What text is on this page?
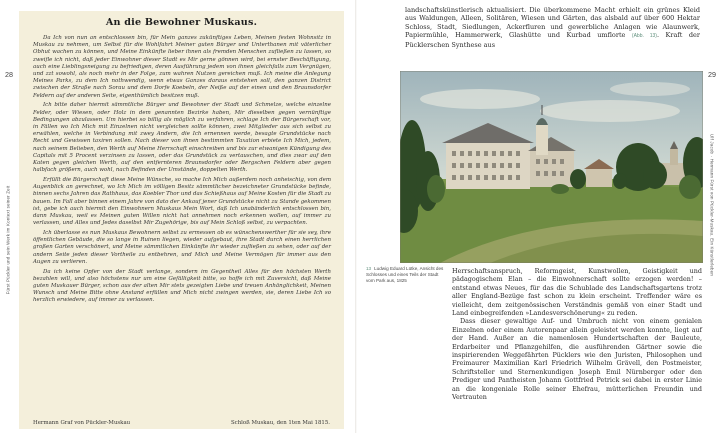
28
Fürst Pückler und sein Werk im Kontext seiner Zeit
An die Bewohner Muskaus.

Da Ich von nun an entschlossen bin, für Mein ganzes zukünftiges Leben, Meinen festen Wohnsitz in Muskau zu nehmen, um Selbst für die Wohlfahrt Meiner guten Bürger und Unterthanen mit väterlicher Obhut wachen zu können, und Meine Einkünfte lieber ihnen als fremden Menschen zufließen zu lassen, so zweifle ich nicht, daß jeder Einwohner dieser Stadt es Mir gerne gönnen wird, bei ernster Beschäftigung, auch eine Lieblingsneigung zu befriedigen, deren Ausführung jedem von ihnen gleichfalls zum Vergnügen, und zzt sowohl, als noch mehr in der Folge, zum wahren Nutzen gereichen muß. Ich meine die Anlegung Meines Parks, zu dem Ich nothwendig, wenn etwas Ganzes daraus entstehen soll, den ganzen District zwischen der Straße nach Sorau und dem Dorfe Koebeln, der Neiße auf der einen und den Braunsdorfer Feldern auf der anderen Seite, eigenthümlich besitzen muß.

Ich bitte daher hiermit sämmtliche Bürger und Bewohner der Stadt und Schmelze, welche einzelne Felder, oder Wiesen, oder Holz in dem genannten Bezirke haben, Mir dieselben gegen vernünftige Bedingungen abzulassen. Um hierbei so billig als möglich zu verfahren, schlage Ich der Bürgerschaft vor, in Fällen wo Ich Mich mit Einzelnen nicht vergleichen sollte können, zwei Mitglieder aus sich selbst zu erwählen, welche in Verbindung mit zwey Andern, die Ich ernennen werde, besagte Grundstücke nach Recht und Gewissen taxiren sollen. Nach dieser von ihnen bestimmten Taxation erbiete Ich Mich, jedem, nach seinem Belieben, den Werth auf Meine Herrschaft einschreiben und bis zur etwanigen Kündigung des Capitals mit 5 Procent verzinsen zu lassen, oder das Grundstück zu vertauschen, und dies zwar auf den Katen gegen gleichen Werth, auf den entfernteren Braunsdorfer oder Bergschen Feldern aber gegen halbfach größern, auch wohl, nach Befinden der Umstände, doppelten Werth.

Erfüllt die Bürgerschaft diese Meine Wünsche, so mache Ich Mich außerdem noch anheischig, von dem Augenblick an gerechnet, wo Ich Mich im völligen Besitz sämmtlicher bezeichneter Grundstücke befinde, binnen sechs Jahren das Rathhaus, das Koebler Thor und das Schießhaus auf Meine Kosten für die Stadt zu bauen. Im Fall aber binnen einem Jahre von dato der Ankauf jener Grundstücke nicht zu Stande gekommen ist, gebe ich auch hiermit den Einwohnern Muskaus Mein Wort, daß Ich unabänderlich entschlossen bin, dann Muskau, weil es Meinen guten Willen nicht hat annehmen noch erkennen wollen, auf immer zu verlassen, und Alles und Jedes daselbst Mir Zugehörige, bis auf Mein Schloß selbst, zu verpachten.

Ich überlasse es nun Muskaus Bewohnern selbst zu ermessen ob es wünschenswerther für sie sey, ihre öffentlichen Gebäude, die so lange in Ruinen liegen, wieder aufgebaut, ihre Stadt durch einen herrlichen großen Garten verschönert, und Meine sämmtlichen Einkünfte ihr wieder zufließen zu sehen, oder auf der andern Seite jeden dieser Vortheile zu entbehren, und Mich und Meine Vermögen für immer aus den Augen zu verlieren.

Da ich keine Opfer von der Stadt verlange, sondern im Gegentheil Alles für den höchsten Werth bezahlen will, und also höchstens nur um eine Gefälligkeit bitte, so hoffe ich mit Zuversicht, daß Meine guten Muskauer Bürger, schon aus der alten Mir stets gezeigten Liebe und treuen Anhänglichkeit, Meinen Wunsch und Meine Bitte ohne Anstand erfüllen und Mich nicht zwingen werden, sie, deren Liebe Ich so herzlich erwiedere, auf immer zu verlassen.

Hermann Graf von Pückler-Muskau	Schloß Muskau, den 1ten Mai 1815.
29
Ulf Jacob · Hermann Fürst von Pückler-Muskau. Ein Künstlerleben
landschaftskünstlerisch aktualisiert. Die überkommene Macht erhielt ein grünes Kleid aus Waldungen, Alleen, Solitären, Wiesen und Gärten, das alsbald auf über 600 Hektar Schloss, Stadt, Siedlungen, Ackerfluren und gewerbliche Anlagen wie Alaunwerk, Papiermühle, Hammerwerk, Glashütte und Kurbad umflorte (Abb. 13). Kraft der Pücklerschen Synthese aus
13 Ludwig Eduard Lütke, Ansicht des Schlosses und eines Teils der Stadt vom Park aus, 1825

Herrschaftsanspruch, Reformgeist, Kunstwollen, Geistigkeit und pädagogischem Elan – die Einwohnerschaft sollte erzogen werden! – entstand etwas Neues, für das die Schublade des Landschaftsgartens trotz aller England-Bezüge fast schon zu klein erscheint. Treffender wäre es vielleicht, dem zeitgenössischen Verständnis gemäß von einer Stadt und Land einbegreifenden »Landesverschönerung« zu reden.

Dass dieser gewaltige Auf- und Umbruch nicht von einem genialen Einzelnen oder einem Autorenpaar allein geleistet werden konnte, liegt auf der Hand. Außer an die namenlosen Hundertschaften der Bauleute, Erdarbeiter und Pflanzgehilfen, die ausführenden Gärtner sowie die inspirierenden Weggefährten Pücklers wie den Juristen, Philosophen und Freimaurer Maximilian Karl Friedrich Wilhelm Grävell, den Postmeister, Schriftsteller und Sternenkundigen Joseph Emil Nürnberger oder den Prediger und Pantheisten Johann Gottfried Petrick sei dabei in erster Linie an die kongeniale Rolle seiner Ehefrau, mütterlichen Freundin und Vertrauten
